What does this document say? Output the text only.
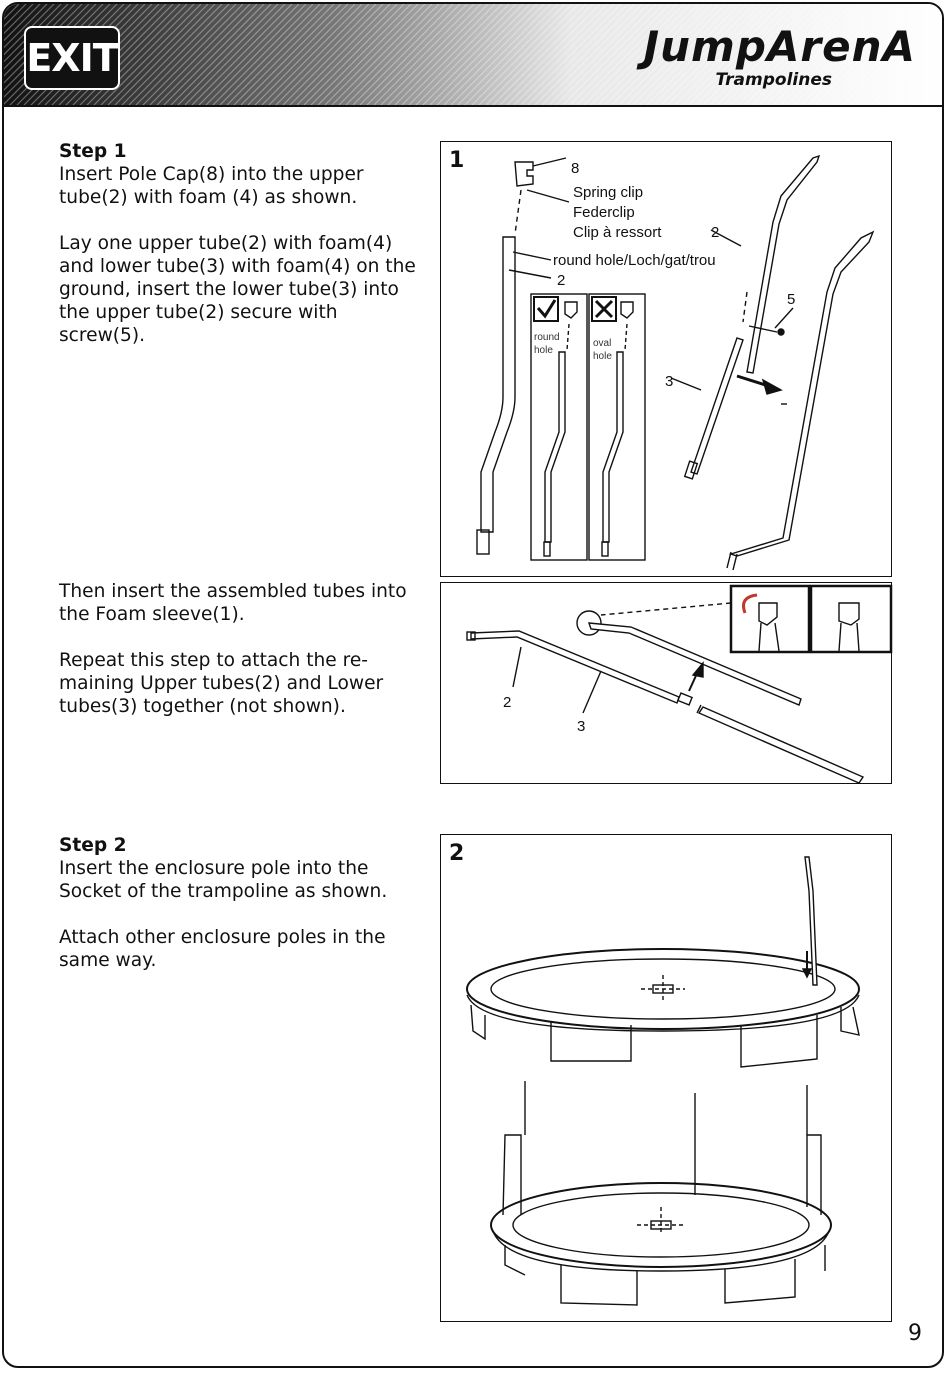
EXIT	JumpArenA
Trampolines

Step 1

Insert Pole Cap(8) into the upper tube(2) with foam (4) as shown.

Lay one upper tube(2) with foam(4) and lower tube(3) with foam(4) on the ground, insert the lower tube(3) into the upper tube(2) secure with screw(5).

Then insert the assembled tubes into the Foam sleeve(1).

Repeat this step to attach the re-maining Upper tubes(2) and Lower tubes(3) together (not shown).

Step 2

Insert the enclosure pole into the Socket of the trampoline as shown.

Attach other enclosure poles in the same way.

1	8
Spring clip
Federclip
Clip à ressort	2
round hole/Loch/gat/trou
2
5
3
round
hole
oval
hole
2
3
2
9
